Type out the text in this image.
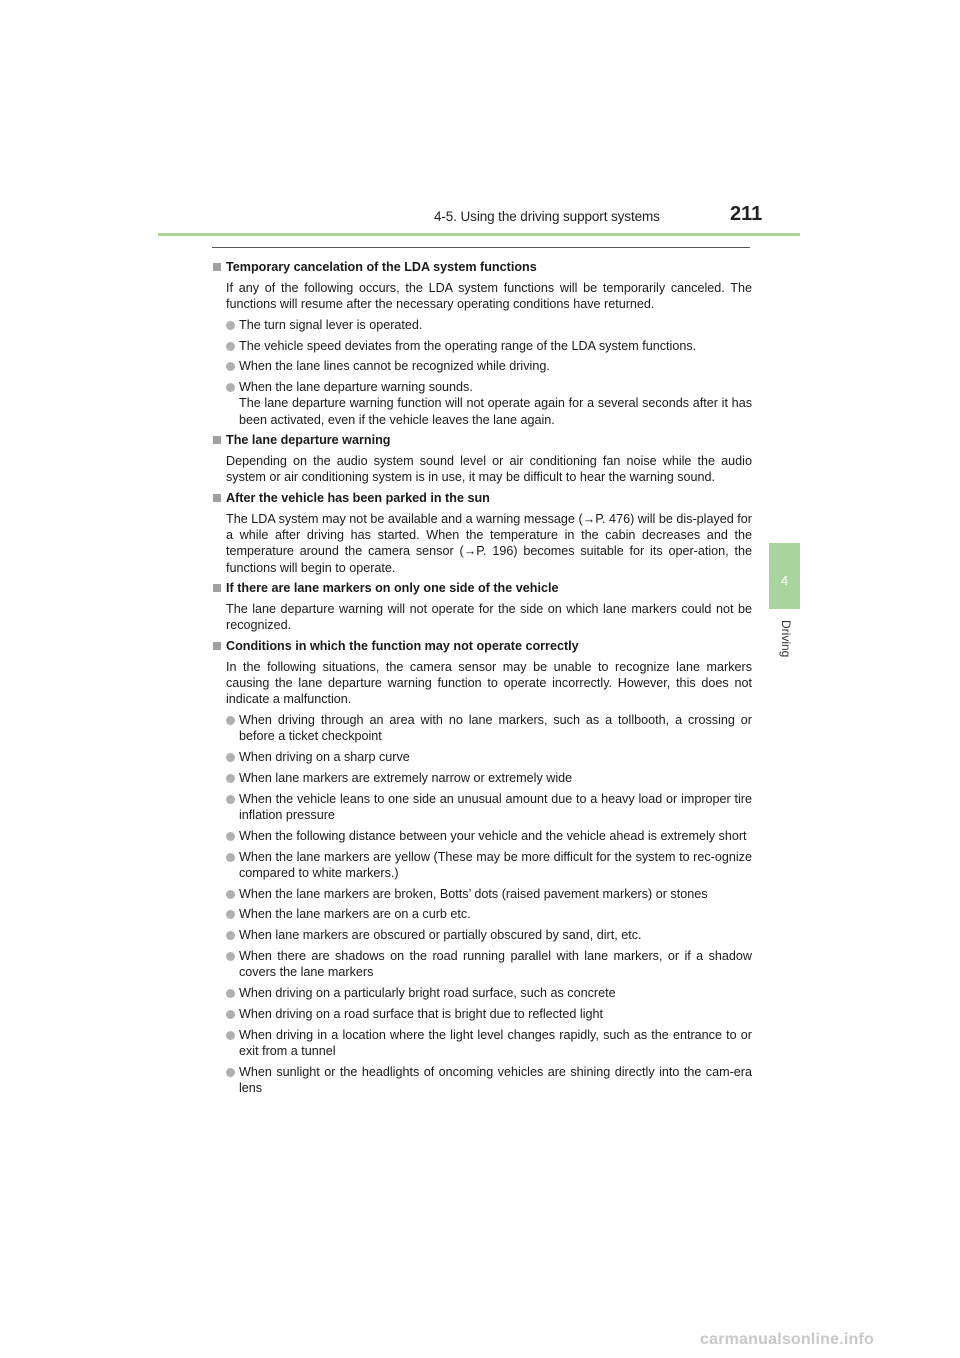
4-5. Using the driving support systems	211
4
Driving
Temporary cancelation of the LDA system functions
If any of the following occurs, the LDA system functions will be temporarily canceled. The functions will resume after the necessary operating conditions have returned.
The turn signal lever is operated.
The vehicle speed deviates from the operating range of the LDA system functions.
When the lane lines cannot be recognized while driving.
When the lane departure warning sounds.
The lane departure warning function will not operate again for a several seconds after it has been activated, even if the vehicle leaves the lane again.
The lane departure warning
Depending on the audio system sound level or air conditioning fan noise while the audio system or air conditioning system is in use, it may be difficult to hear the warning sound.
After the vehicle has been parked in the sun
The LDA system may not be available and a warning message (→P. 476) will be dis-played for a while after driving has started. When the temperature in the cabin decreases and the temperature around the camera sensor (→P. 196) becomes suitable for its oper-ation, the functions will begin to operate.
If there are lane markers on only one side of the vehicle
The lane departure warning will not operate for the side on which lane markers could not be recognized.
Conditions in which the function may not operate correctly
In the following situations, the camera sensor may be unable to recognize lane markers causing the lane departure warning function to operate incorrectly. However, this does not indicate a malfunction.
When driving through an area with no lane markers, such as a tollbooth, a crossing or before a ticket checkpoint
When driving on a sharp curve
When lane markers are extremely narrow or extremely wide
When the vehicle leans to one side an unusual amount due to a heavy load or improper tire inflation pressure
When the following distance between your vehicle and the vehicle ahead is extremely short
When the lane markers are yellow (These may be more difficult for the system to rec-ognize compared to white markers.)
When the lane markers are broken, Botts’ dots (raised pavement markers) or stones
When the lane markers are on a curb etc.
When lane markers are obscured or partially obscured by sand, dirt, etc.
When there are shadows on the road running parallel with lane markers, or if a shadow covers the lane markers
When driving on a particularly bright road surface, such as concrete
When driving on a road surface that is bright due to reflected light
When driving in a location where the light level changes rapidly, such as the entrance to or exit from a tunnel
When sunlight or the headlights of oncoming vehicles are shining directly into the cam-era lens
carmanualsonline.info
